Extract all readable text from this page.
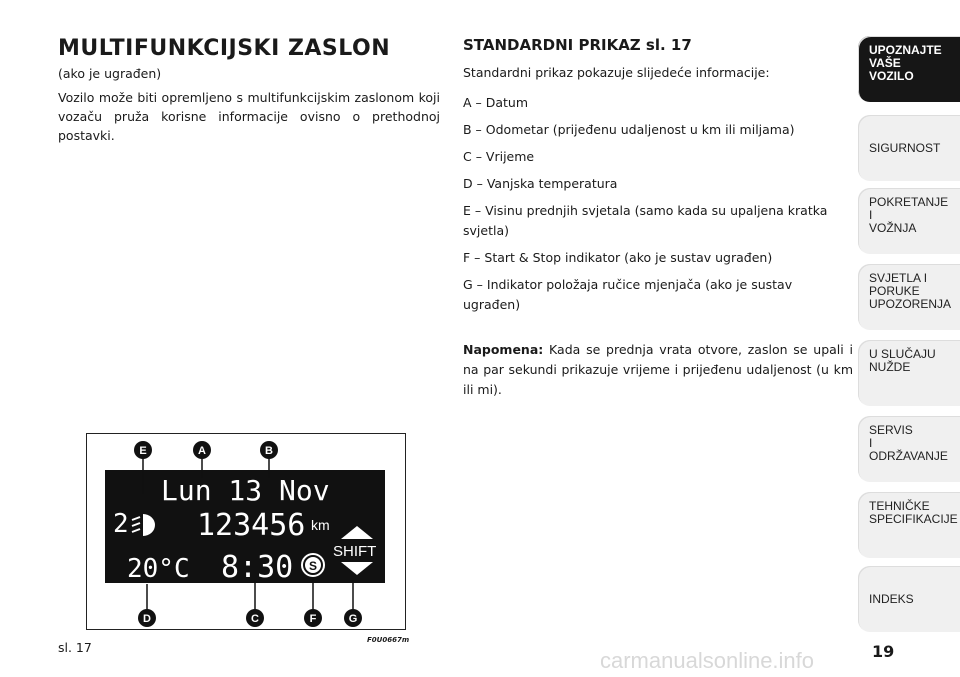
MULTIFUNKCIJSKI ZASLON
(ako je ugrađen)

Vozilo može biti opremljeno s multifunkcijskim zaslonom koji vozaču pruža korisne informacije ovisno o prethodnoj postavki.

STANDARDNI PRIKAZ sl. 17

Standardni prikaz pokazuje slijedeće informacije:

A – Datum
B – Odometar (prijeđenu udaljenost u km ili miljama)
C – Vrijeme
D – Vanjska temperatura
E – Visinu prednjih svjetala (samo kada su upaljena kratka svjetla)
F – Start & Stop indikator (ako je sustav ugrađen)
G – Indikator položaja ručice mjenjača (ako je sustav ugrađen)

Napomena: Kada se prednja vrata otvore, zaslon se upali i na par sekundi prikazuje vrijeme i prijeđenu udaljenost (u km ili mi).

Lun 13 Nov
2 123456 km
SHIFT
20°C 8:30 S
E	A	B
D	C	F	G
sl. 17	F0U0667m
UPOZNAJTE
VAŠE
VOZILO
SIGURNOST
POKRETANJE
I
VOŽNJA
SVJETLA I
PORUKE
UPOZORENJA
U SLUČAJU
NUŽDE
SERVIS
I
ODRŽAVANJE
TEHNIČKE
SPECIFIKACIJE
INDEKS
19
carmanualsonline.info
